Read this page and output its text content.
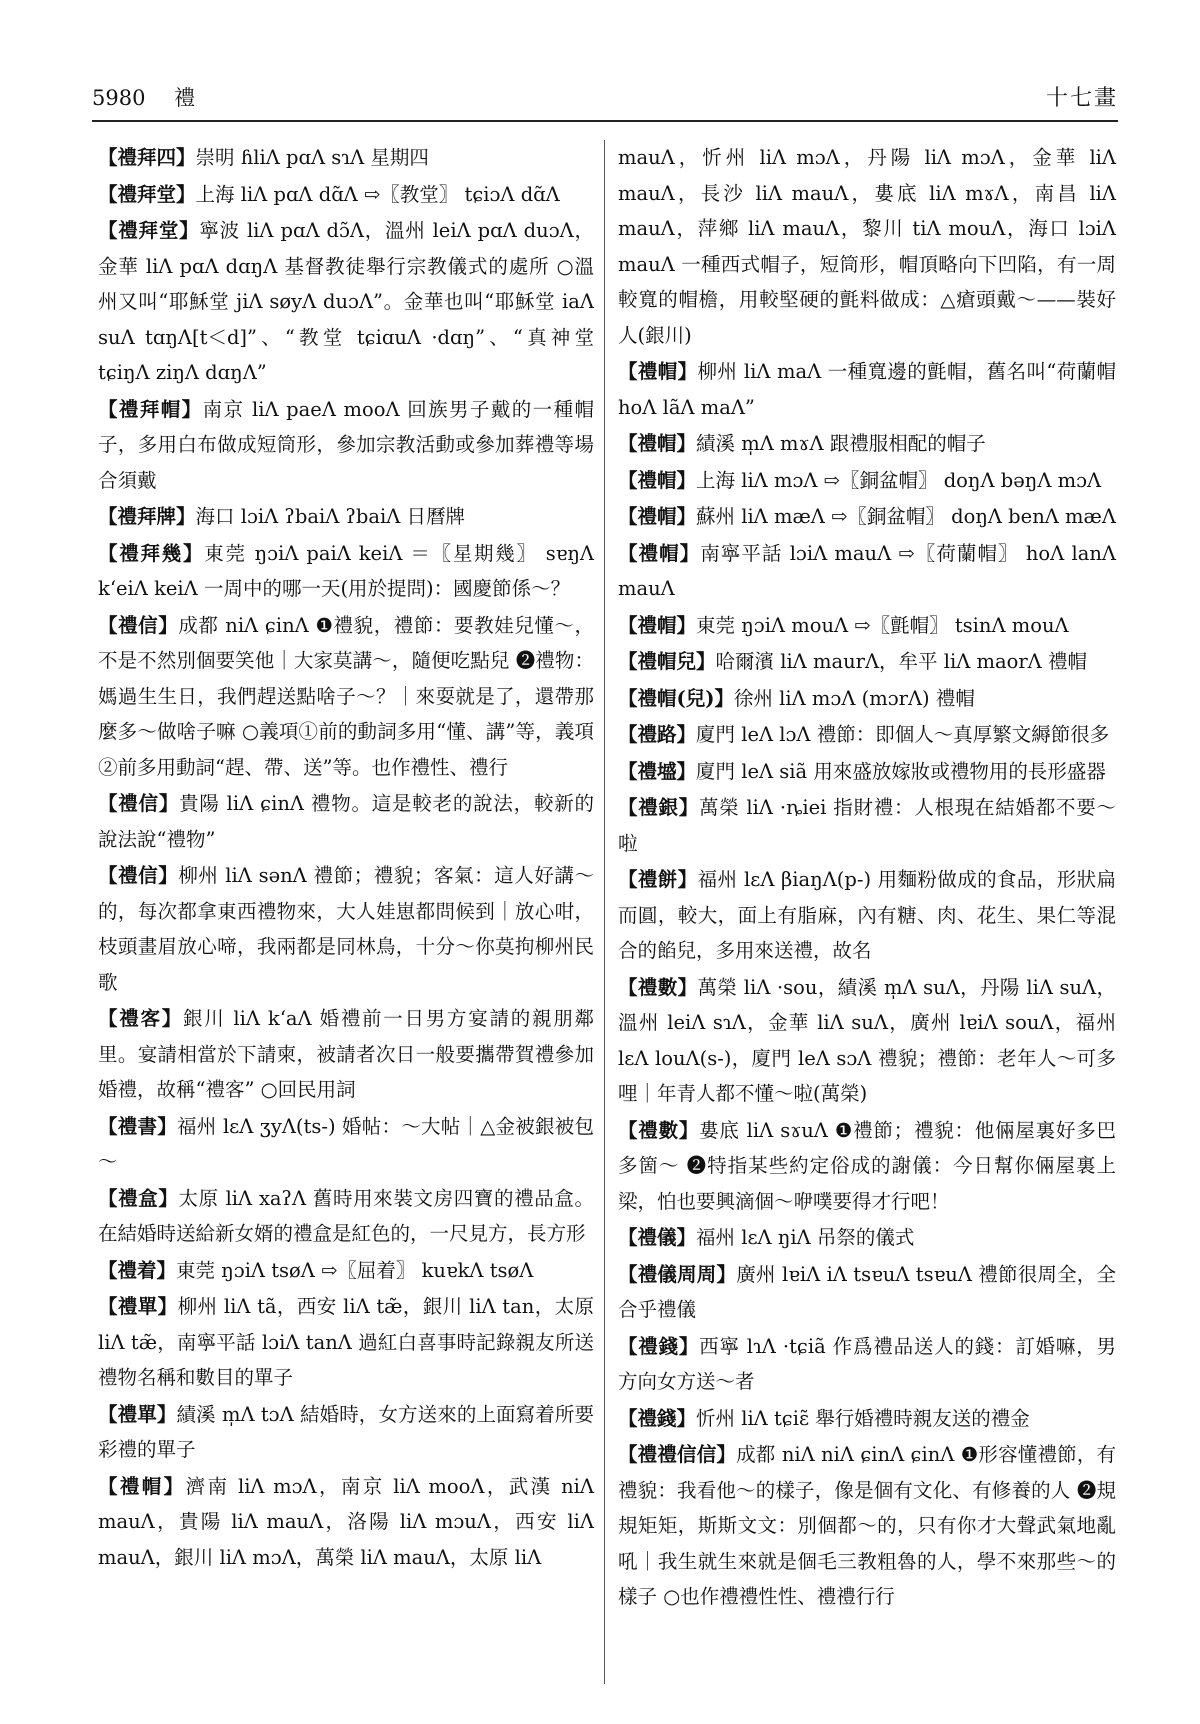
5980 禮	十七畫
【禮拜四】崇明 ɦliɅ pɑɅ sɿɅ 星期四
【禮拜堂】上海 liɅ pɑɅ dɑ̃Ʌ ⇨〖教堂〗 tɕiɔɅ dɑ̃Ʌ
【禮拜堂】寧波 liɅ pɑɅ dɔ̃Ʌ，溫州 leiɅ pɑɅ duɔɅ，金華 liɅ pɑɅ dɑŋɅ 基督教徒舉行宗教儀式的處所 ○溫州又叫“耶穌堂 jiɅ søyɅ duɔɅ”。金華也叫“耶穌堂 iaɅ suɅ tɑŋɅ[t＜d]”、“教堂 tɕiɑuɅ ·dɑŋ”、“真神堂 tɕiŋɅ ziŋɅ dɑŋɅ”
【禮拜帽】南京 liɅ paeɅ mooɅ 回族男子戴的一種帽子，多用白布做成短筒形，參加宗教活動或參加葬禮等場合須戴
【禮拜牌】海口 lɔiɅ ʔbaiɅ ʔbaiɅ 日曆牌
【禮拜幾】東莞 ŋɔiɅ paiɅ keiɅ ＝〖星期幾〗 sɐŋɅ kʻeiɅ keiɅ 一周中的哪一天(用於提問)：國慶節係～？
【禮信】成都 niɅ ɕinɅ ❶禮貌，禮節：要教娃兒懂～，不是不然別個要笑他｜大家莫講～，隨便吃點兒 ❷禮物：媽過生生日，我們趕送點啥子～？｜來耍就是了，還帶那麼多～做啥子嘛 ○義項①前的動詞多用“懂、講”等，義項②前多用動詞“趕、帶、送”等。也作禮性、禮行
【禮信】貴陽 liɅ ɕinɅ 禮物。這是較老的說法，較新的說法說“禮物”
【禮信】柳州 liɅ sənɅ 禮節；禮貌；客氣：這人好講～的，每次都拿東西禮物來，大人娃崽都問候到｜放心咁，枝頭畫眉放心啼，我兩都是同林鳥，十分～你莫拘柳州民歌
【禮客】銀川 liɅ kʻaɅ 婚禮前一日男方宴請的親朋鄰里。宴請相當於下請柬，被請者次日一般要攜帶賀禮參加婚禮，故稱“禮客” ○回民用詞
【禮書】福州 lɛɅ ʒyɅ(ts-) 婚帖：～大帖｜△金被銀被包～
【禮盒】太原 liɅ xaʔɅ 舊時用來裝文房四寶的禮品盒。在結婚時送給新女婿的禮盒是紅色的，一尺見方，長方形
【禮着】東莞 ŋɔiɅ tsøɅ ⇨〖屈着〗 kuɐkɅ tsøɅ
【禮單】柳州 liɅ tã，西安 liɅ tæ̃，銀川 liɅ tan，太原 liɅ tæ̃，南寧平話 lɔiɅ tanɅ 過紅白喜事時記錄親友所送禮物名稱和數目的單子
【禮單】績溪 m̩Ʌ tɔɅ 結婚時，女方送來的上面寫着所要彩禮的單子
【禮帽】濟南 liɅ mɔɅ，南京 liɅ mooɅ，武漢 niɅ mauɅ，貴陽 liɅ mauɅ，洛陽 liɅ mɔuɅ，西安 liɅ mauɅ，銀川 liɅ mɔɅ，萬榮 liɅ mauɅ，太原 liɅ
mauɅ，忻州 liɅ mɔɅ，丹陽 liɅ mɔɅ，金華 liɅ mauɅ，長沙 liɅ mauɅ，婁底 liɅ mɤɅ，南昌 liɅ mauɅ，萍鄉 liɅ mauɅ，黎川 tiɅ mouɅ，海口 lɔiɅ mauɅ 一種西式帽子，短筒形，帽頂略向下凹陷，有一周較寬的帽檐，用較堅硬的氈料做成：△瘡頭戴～——裝好人(銀川)
【禮帽】柳州 liɅ maɅ 一種寬邊的氈帽，舊名叫“荷蘭帽 hoɅ lãɅ maɅ”
【禮帽】績溪 m̩Ʌ mɤɅ 跟禮服相配的帽子
【禮帽】上海 liɅ mɔɅ ⇨〖銅盆帽〗 doŋɅ bəŋɅ mɔɅ
【禮帽】蘇州 liɅ mæɅ ⇨〖銅盆帽〗 doŋɅ benɅ mæɅ
【禮帽】南寧平話 lɔiɅ mauɅ ⇨〖荷蘭帽〗 hoɅ lanɅ mauɅ
【禮帽】東莞 ŋɔiɅ mouɅ ⇨〖氈帽〗 tsinɅ mouɅ
【禮帽兒】哈爾濱 liɅ maurɅ，牟平 liɅ maorɅ 禮帽
【禮帽(兒)】徐州 liɅ mɔɅ (mɔrɅ) 禮帽
【禮路】廈門 leɅ lɔɅ 禮節：即個人～真厚繁文縟節很多
【禮墭】廈門 leɅ siã 用來盛放嫁妝或禮物用的長形盛器
【禮銀】萬榮 liɅ ·ȵiei 指財禮：人根現在結婚都不要～啦
【禮餅】福州 lɛɅ βiaŋɅ(p-) 用麵粉做成的食品，形狀扁而圓，較大，面上有脂麻，內有糖、肉、花生、果仁等混合的餡兒，多用來送禮，故名
【禮數】萬榮 liɅ ·sou，績溪 m̩Ʌ suɅ，丹陽 liɅ suɅ，溫州 leiɅ sɿɅ，金華 liɅ suɅ，廣州 lɐiɅ souɅ，福州 lɛɅ louɅ(s-)，廈門 leɅ sɔɅ 禮貌；禮節：老年人～可多哩｜年青人都不懂～啦(萬榮)
【禮數】婁底 liɅ sɤuɅ ❶禮節；禮貌：他倆屋裏好多巴多箇～ ❷特指某些約定俗成的謝儀：今日幫你倆屋裏上梁，怕也要興滴個～咿噗要得才行吧！
【禮儀】福州 lɛɅ ŋiɅ 吊祭的儀式
【禮儀周周】廣州 lɐiɅ iɅ tsɐuɅ tsɐuɅ 禮節很周全，全合乎禮儀
【禮錢】西寧 lɿɅ ·tɕiã 作爲禮品送人的錢：訂婚嘛，男方向女方送～者
【禮錢】忻州 liɅ tɕiɛ̃ 舉行婚禮時親友送的禮金
【禮禮信信】成都 niɅ niɅ ɕinɅ ɕinɅ ❶形容懂禮節，有禮貌：我看他～的樣子，像是個有文化、有修養的人 ❷規規矩矩，斯斯文文：別個都～的，只有你才大聲武氣地亂吼｜我生就生來就是個毛三教粗魯的人，學不來那些～的樣子 ○也作禮禮性性、禮禮行行
